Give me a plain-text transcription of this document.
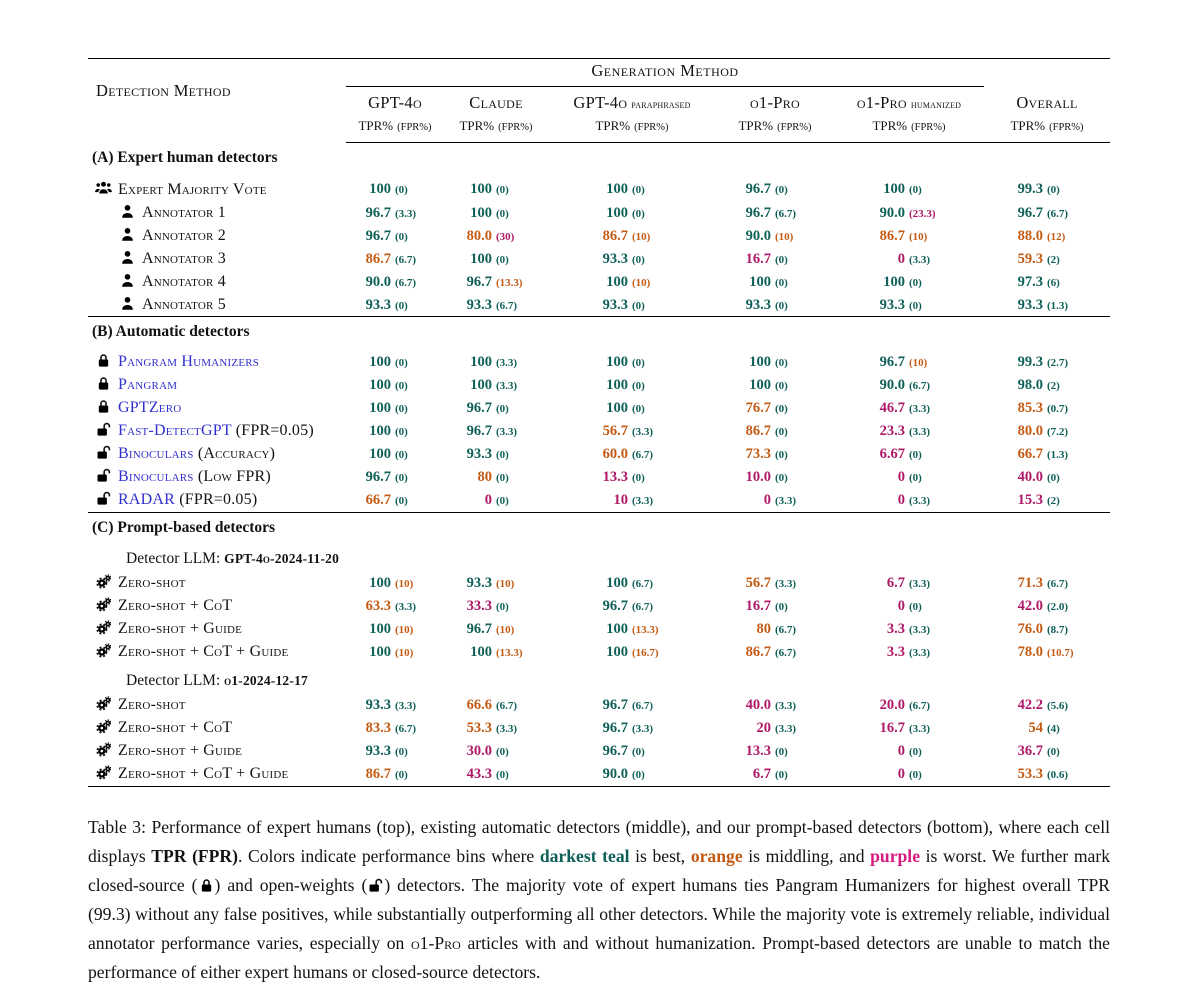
Detection Method	Generation Method					
	GPT-4o	Claude	GPT-4o paraphrased	o1-Pro	o1-Pro humanized	Overall
	TPR% (FPR%)	TPR% (FPR%)	TPR% (FPR%)	TPR% (FPR%)	TPR% (FPR%)	TPR% (FPR%)
(A) Expert human detectors						
Expert Majority Vote	100 (0)	100 (0)	100 (0)	96.7 (0)	100 (0)	99.3 (0)
Annotator 1	96.7 (3.3)	100 (0)	100 (0)	96.7 (6.7)	90.0 (23.3)	96.7 (6.7)
Annotator 2	96.7 (0)	80.0 (30)	86.7 (10)	90.0 (10)	86.7 (10)	88.0 (12)
Annotator 3	86.7 (6.7)	100 (0)	93.3 (0)	16.7 (0)	0 (3.3)	59.3 (2)
Annotator 4	90.0 (6.7)	96.7 (13.3)	100 (10)	100 (0)	100 (0)	97.3 (6)
Annotator 5	93.3 (0)	93.3 (6.7)	93.3 (0)	93.3 (0)	93.3 (0)	93.3 (1.3)
(B) Automatic detectors						
Pangram Humanizers	100 (0)	100 (3.3)	100 (0)	100 (0)	96.7 (10)	99.3 (2.7)
Pangram	100 (0)	100 (3.3)	100 (0)	100 (0)	90.0 (6.7)	98.0 (2)
GPTZero	100 (0)	96.7 (0)	100 (0)	76.7 (0)	46.7 (3.3)	85.3 (0.7)
Fast-DetectGPT (FPR=0.05)	100 (0)	96.7 (3.3)	56.7 (3.3)	86.7 (0)	23.3 (3.3)	80.0 (7.2)
Binoculars (Accuracy)	100 (0)	93.3 (0)	60.0 (6.7)	73.3 (0)	6.67 (0)	66.7 (1.3)
Binoculars (Low FPR)	96.7 (0)	80 (0)	13.3 (0)	10.0 (0)	0 (0)	40.0 (0)
RADAR (FPR=0.05)	66.7 (0)	0 (0)	10 (3.3)	0 (3.3)	0 (3.3)	15.3 (2)
(C) Prompt-based detectors						
Detector LLM: GPT-4o-2024-11-20						
Zero-shot	100 (10)	93.3 (10)	100 (6.7)	56.7 (3.3)	6.7 (3.3)	71.3 (6.7)
Zero-shot + CoT	63.3 (3.3)	33.3 (0)	96.7 (6.7)	16.7 (0)	0 (0)	42.0 (2.0)
Zero-shot + Guide	100 (10)	96.7 (10)	100 (13.3)	80 (6.7)	3.3 (3.3)	76.0 (8.7)
Zero-shot + CoT + Guide	100 (10)	100 (13.3)	100 (16.7)	86.7 (6.7)	3.3 (3.3)	78.0 (10.7)
Detector LLM: o1-2024-12-17						
Zero-shot	93.3 (3.3)	66.6 (6.7)	96.7 (6.7)	40.0 (3.3)	20.0 (6.7)	42.2 (5.6)
Zero-shot + CoT	83.3 (6.7)	53.3 (3.3)	96.7 (3.3)	20 (3.3)	16.7 (3.3)	54 (4)
Zero-shot + Guide	93.3 (0)	30.0 (0)	96.7 (0)	13.3 (0)	0 (0)	36.7 (0)
Zero-shot + CoT + Guide	86.7 (0)	43.3 (0)	90.0 (0)	6.7 (0)	0 (0)	53.3 (0.6)

Table 3: Performance of expert humans (top), existing automatic detectors (middle), and our prompt-based detectors (bottom), where each cell displays TPR (FPR). Colors indicate performance bins where darkest teal is best, orange is middling, and purple is worst. We further mark closed-source ( ) and open-weights ( ) detectors. The majority vote of expert humans ties Pangram Humanizers for highest overall TPR (99.3) without any false positives, while substantially outperforming all other detectors. While the majority vote is extremely reliable, individual annotator performance varies, especially on o1-Pro articles with and without humanization. Prompt-based detectors are unable to match the performance of either expert humans or closed-source detectors.
